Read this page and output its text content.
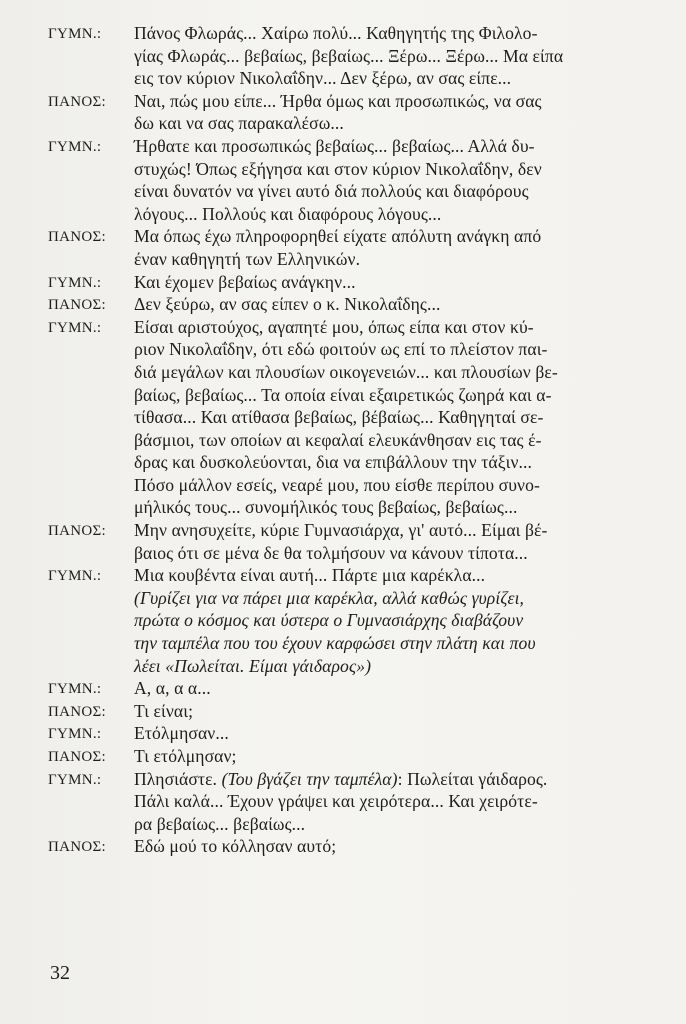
ΓΥΜΝ.:	Πάνος Φλωράς... Χαίρω πολύ... Καθηγητής της Φιλολο-
γίας Φλωράς... βεβαίως, βεβαίως... Ξέρω... Ξέρω... Μα είπα
εις τον κύριον Νικολαΐδην... Δεν ξέρω, αν σας είπε...
ΠΑΝΟΣ:	Ναι, πώς μου είπε... Ήρθα όμως και προσωπικώς, να σας
δω και να σας παρακαλέσω...
ΓΥΜΝ.:	Ήρθατε και προσωπικώς βεβαίως... βεβαίως... Αλλά δυ-
στυχώς! Όπως εξήγησα και στον κύριον Νικολαΐδην, δεν
είναι δυνατόν να γίνει αυτό διά πολλούς και διαφόρους
λόγους... Πολλούς και διαφόρους λόγους...
ΠΑΝΟΣ:	Μα όπως έχω πληροφορηθεί είχατε απόλυτη ανάγκη από
έναν καθηγητή των Ελληνικών.
ΓΥΜΝ.:	Και έχομεν βεβαίως ανάγκην...
ΠΑΝΟΣ:	Δεν ξεύρω, αν σας είπεν ο κ. Νικολαΐδης...
ΓΥΜΝ.:	Είσαι αριστούχος, αγαπητέ μου, όπως είπα και στον κύ-
ριον Νικολαΐδην, ότι εδώ φοιτούν ως επί το πλείστον παι-
διά μεγάλων και πλουσίων οικογενειών... και πλουσίων βε-
βαίως, βεβαίως... Τα οποία είναι εξαιρετικώς ζωηρά και α-
τίθασα... Και ατίθασα βεβαίως, βέβαίως... Καθηγηταί σε-
βάσμιοι, των οποίων αι κεφαλαί ελευκάνθησαν εις τας έ-
δρας και δυσκολεύονται, δια να επιβάλλουν την τάξιν...
Πόσο μάλλον εσείς, νεαρέ μου, που είσθε περίπου συνο-
μήλικός τους... συνομήλικός τους βεβαίως, βεβαίως...
ΠΑΝΟΣ:	Μην ανησυχείτε, κύριε Γυμνασιάρχα, γι' αυτό... Είμαι βέ-
βαιος ότι σε μένα δε θα τολμήσουν να κάνουν τίποτα...
ΓΥΜΝ.:	Μια κουβέντα είναι αυτή... Πάρτε μια καρέκλα...
(Γυρίζει για να πάρει μια καρέκλα, αλλά καθώς γυρίζει,
πρώτα ο κόσμος και ύστερα ο Γυμνασιάρχης διαβάζουν
την ταμπέλα που του έχουν καρφώσει στην πλάτη και που
λέει «Πωλείται. Είμαι γάιδαρος»)
ΓΥΜΝ.:	Α, α, α α...
ΠΑΝΟΣ:	Τι είναι;
ΓΥΜΝ.:	Ετόλμησαν...
ΠΑΝΟΣ:	Τι ετόλμησαν;
ΓΥΜΝ.:	Πλησιάστε. (Του βγάζει την ταμπέλα): Πωλείται γάιδαρος.
Πάλι καλά... Έχουν γράψει και χειρότερα... Και χειρότε-
ρα βεβαίως... βεβαίως...
ΠΑΝΟΣ:	Εδώ μού το κόλλησαν αυτό;
32
